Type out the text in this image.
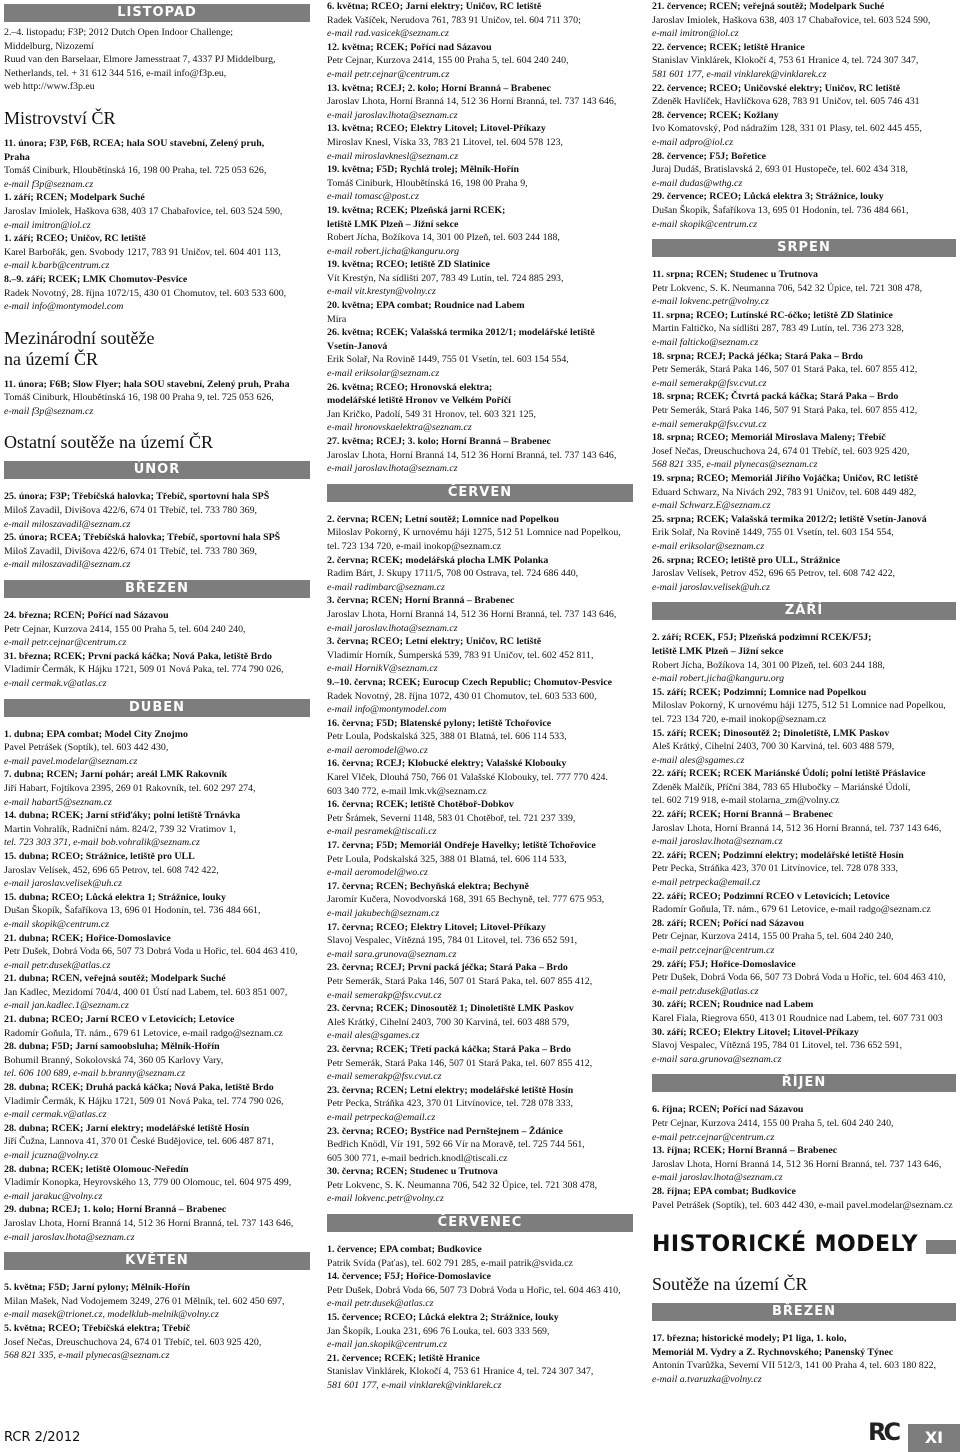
LISTOPAD
2.–4. listopadu; F3P; 2012 Dutch Open Indoor Challenge;
Middelburg, Nizozemí
Ruud van den Barselaar, Elmore Jamesstraat 7, 4337 PJ Middelburg,
Netherlands, tel. + 31 612 344 516, e-mail info@f3p.eu,
web http://www.f3p.eu
Mistrovství ČR
11. února; F3P, F6B, RCEA; hala SOU stavební, Zelený pruh,
Praha
Tomáš Ciniburk, Hloubětínská 16, 198 00 Praha, tel. 725 053 626,
e-mail f3p@seznam.cz
1. září; RCEN; Modelpark Suché
Jaroslav Imiolek, Haškova 638, 403 17 Chabařovice, tel. 603 524 590,
e-mail imitron@iol.cz
1. září; RCEO; Uničov, RC letiště
Karel Barbořák, gen. Svobody 1217, 783 91 Uničov, tel. 604 401 113,
e-mail k.barb@centrum.cz
8.–9. září; RCEK; LMK Chomutov-Pesvice
Radek Novotný, 28. října 1072/15, 430 01 Chomutov, tel. 603 533 600,
e-mail info@montymodel.com
Mezinárodní soutěže
na území ČR
11. února; F6B; Slow Flyer; hala SOU stavební, Zelený pruh, Praha
Tomáš Ciniburk, Hloubětínská 16, 198 00 Praha 9, tel. 725 053 626,
e-mail f3p@seznam.cz
Ostatní soutěže na území ČR
ÚNOR
25. února; F3P; Třebíčská halovka; Třebíč, sportovní hala SPŠ
Miloš Zavadil, Divišova 422/6, 674 01 Třebíč, tel. 733 780 369,
e-mail miloszavadil@seznam.cz
25. února; RCEA; Třebíčská halovka; Třebíč, sportovní hala SPŠ
Miloš Zavadil, Divišova 422/6, 674 01 Třebíč, tel. 733 780 369,
e-mail miloszavadil@seznam.cz
BŘEZEN
24. března; RCEN; Pořící nad Sázavou
Petr Cejnar, Kurzova 2414, 155 00 Praha 5, tel. 604 240 240,
e-mail petr.cejnar@centrum.cz
31. března; RCEK; První packá káčka; Nová Paka, letiště Brdo
Vladimír Čermák, K Hájku 1721, 509 01 Nová Paka, tel. 774 790 026,
e-mail cermak.v@atlas.cz
DUBEN
1. dubna; EPA combat; Model City Znojmo
Pavel Petrášek (Soptík), tel. 603 442 430,
e-mail pavel.modelar@seznam.cz
7. dubna; RCEN; Jarní pohár; areál LMK Rakovník
Jiří Habart, Fojtíkova 2395, 269 01 Rakovník, tel. 602 297 274,
e-mail habart5@seznam.cz
14. dubna; RCEK; Jarní střiďáky; polní letiště Trnávka
Martin Vohralík, Radniční nám. 824/2, 739 32 Vratimov 1,
tel. 723 303 371, e-mail bob.vohralik@seznam.cz
15. dubna; RCEO; Strážnice, letiště pro ULL
Jaroslav Velísek, 452, 696 65 Petrov, tel. 608 742 422,
e-mail jaroslav.velisek@uh.cz
15. dubna; RCEO; Lůcká elektra 1; Strážnice, louky
Dušan Škopík, Šafaříkova 13, 696 01 Hodonín, tel. 736 484 661,
e-mail skopik@centrum.cz
21. dubna; RCEK; Hořice-Domoslavice
Petr Dušek, Dobrá Voda 66, 507 73 Dobrá Voda u Hořic, tel. 604 463 410,
e-mail petr.dusek@atlas.cz
21. dubna; RCEN, veřejná soutěž; Modelpark Suché
Jan Kadlec, Mezidomí 704/4, 400 01 Ústí nad Labem, tel. 603 851 007,
e-mail jan.kadlec.1@seznam.cz
21. dubna; RCEO; Jarní RCEO v Letovicích; Letovice
Radomír Goňula, Tř. nám., 679 61 Letovice, e-mail radgo@seznam.cz
28. dubna; F5D; Jarní samoobsluha; Mělník-Hořín
Bohumil Branný, Sokolovská 74, 360 05 Karlovy Vary,
tel. 606 100 689, e-mail b.branny@seznam.cz
28. dubna; RCEK; Druhá packá káčka; Nová Paka, letiště Brdo
Vladimír Čermák, K Hájku 1721, 509 01 Nová Paka, tel. 774 790 026,
e-mail cermak.v@atlas.cz
28. dubna; RCEK; Jarní elektry; modelářské letiště Hosín
Jiří Čužna, Lannova 41, 370 01 České Budějovice, tel. 606 487 871,
e-mail jcuzna@volny.cz
28. dubna; RCEK; letiště Olomouc-Neředín
Vladimír Konopka, Heyrovského 13, 779 00 Olomouc, tel. 604 975 499,
e-mail jarakuc@volny.cz
29. dubna; RCEJ; 1. kolo; Horní Branná – Brabenec
Jaroslav Lhota, Horní Branná 14, 512 36 Horní Branná, tel. 737 143 646,
e-mail jaroslav.lhota@seznam.cz
KVĚTEN
5. května; F5D; Jarní pylony; Mělník-Hořín
Milan Mašek, Nad Vodojemem 3249, 276 01 Mělník, tel. 602 450 697,
e-mail masek@trionet.cz, modelklub-melnik@volny.cz
5. května; RCEO; Třebíčská elektra; Třebíč
Josef Nečas, Dreuschuchova 24, 674 01 Třebíč, tel. 603 925 420,
568 821 335, e-mail plynecas@seznam.cz
6. května; RCEO; Jarní elektry; Uničov, RC letiště
Radek Vašíček, Nerudova 761, 783 91 Uničov, tel. 604 711 370;
e-mail rad.vasicek@seznam.cz
12. května; RCEK; Pořící nad Sázavou
Petr Cejnar, Kurzova 2414, 155 00 Praha 5, tel. 604 240 240,
e-mail petr.cejnar@centrum.cz
13. května; RCEJ; 2. kolo; Horní Branná – Brabenec
Jaroslav Lhota, Horní Branná 14, 512 36 Horní Branná, tel. 737 143 646,
e-mail jaroslav.lhota@seznam.cz
13. května; RCEO; Elektry Litovel; Litovel-Příkazy
Miroslav Knesl, Víska 33, 783 21 Litovel, tel. 604 578 123,
e-mail miroslavknesl@seznam.cz
19. května; F5D; Rychlá trolej; Mělník-Hořín
Tomáš Ciniburk, Hloubětínská 16, 198 00 Praha 9,
e-mail tomasc@post.cz
19. května; RCEK; Plzeňská jarní RCEK;
letiště LMK Plzeň – Jižní sekce
Robert Jícha, Božíkova 14, 301 00 Plzeň, tel. 603 244 188,
e-mail robert.jicha@kanguru.org
19. května; RCEO; letiště ZD Slatinice
Vít Krestýn, Na sídlišti 207, 783 49 Lutín, tel. 724 885 293,
e-mail vit.krestyn@volny.cz
20. května; EPA combat; Roudnice nad Labem
Míra
26. května; RCEK; Valašská termika 2012/1; modelářské letiště
Vsetín-Janová
Erik Solař, Na Rovině 1449, 755 01 Vsetín, tel. 603 154 554,
e-mail eriksolar@seznam.cz
26. května; RCEO; Hronovská elektra;
modelářské letiště Hronov ve Velkém Poříčí
Jan Kričko, Padolí, 549 31 Hronov, tel. 603 321 125,
e-mail hronovskaelektra@seznam.cz
27. května; RCEJ; 3. kolo; Horní Branná – Brabenec
Jaroslav Lhota, Horní Branná 14, 512 36 Horní Branná, tel. 737 143 646,
e-mail jaroslav.lhota@seznam.cz
ČERVEN
2. června; RCEN; Letní soutěž; Lomnice nad Popelkou
Miloslav Pokorný, K urnovému háji 1275, 512 51 Lomnice nad Popelkou,
tel. 723 134 720, e-mail inokop@seznam.cz
2. června; RCEK; modelářská plocha LMK Polanka
Radim Bárt, J. Skupy 1711/5, 708 00 Ostrava, tel. 724 686 440,
e-mail radimbarc@seznam.cz
3. června; RCEN; Horní Branná – Brabenec
Jaroslav Lhota, Horní Branná 14, 512 36 Horní Branná, tel. 737 143 646,
e-mail jaroslav.lhota@seznam.cz
3. června; RCEO; Letní elektry; Uničov, RC letiště
Vladimír Horník, Šumperská 539, 783 91 Uničov, tel. 602 452 811,
e-mail HornikV@seznam.cz
9.–10. června; RCEK; Eurocup Czech Republic; Chomutov-Pesvice
Radek Novotný, 28. října 1072, 430 01 Chomutov, tel. 603 533 600,
e-mail info@montymodel.com
16. června; F5D; Blatenské pylony; letiště Tchořovice
Petr Loula, Podskalská 325, 388 01 Blatná, tel. 606 114 533,
e-mail aeromodel@wo.cz
16. června; RCEJ; Klobucké elektry; Valašské Klobouky
Karel Vlček, Dlouhá 750, 766 01 Valašské Klobouky, tel. 777 770 424.
603 340 772, e-mail lmk.vk@seznam.cz
16. června; RCEK; letiště Chotěboř-Dobkov
Petr Šrámek, Severní 1148, 583 01 Chotěboř, tel. 721 237 339,
e-mail pesramek@tiscali.cz
17. června; F5D; Memoriál Ondřeje Havelky; letiště Tchořovice
Petr Loula, Podskalská 325, 388 01 Blatná, tel. 606 114 533,
e-mail aeromodel@wo.cz
17. června; RCEN; Bechyňská elektra; Bechyně
Jaromír Kučera, Novodvorská 168, 391 65 Bechyně, tel. 777 675 953,
e-mail jakubech@seznam.cz
17. června; RCEO; Elektry Litovel; Litovel-Příkazy
Slavoj Vespalec, Vítězná 195, 784 01 Litovel, tel. 736 652 591,
e-mail sara.grunova@seznam.cz
23. června; RCEJ; První packá jéčka; Stará Paka – Brdo
Petr Semerák, Stará Paka 146, 507 01 Stará Paka, tel. 607 855 412,
e-mail semerakp@fsv.cvut.cz
23. června; RCEK; Dinosoutěž 1; Dinoletiště LMK Paskov
Aleš Krátký, Cihelní 2403, 700 30 Karviná, tel. 603 488 579,
e-mail ales@sgames.cz
23. června; RCEK; Třetí packá káčka; Stará Paka – Brdo
Petr Semerák, Stará Paka 146, 507 01 Stará Paka, tel. 607 855 412,
e-mail semerakp@fsv.cvut.cz
23. června; RCEN; Letní elektry; modelářské letiště Hosín
Petr Pecka, Stráňka 423, 370 01 Litvínovice, tel. 728 078 333,
e-mail petrpecka@email.cz
23. června; RCEO; Bystřice nad Pernštejnem – Ždánice
Bedřich Knödl, Vír 191, 592 66 Vír na Moravě, tel. 725 744 561,
605 300 771, e-mail bedrich.knodl@tiscali.cz
30. června; RCEN; Studenec u Trutnova
Petr Lokvenc, S. K. Neumanna 706, 542 32 Úpice, tel. 721 308 478,
e-mail lokvenc.petr@volny.cz
ČERVENEC
1. července; EPA combat; Budkovice
Patrik Svída (Paťas), tel. 602 791 285, e-mail patrik@svida.cz
14. července; F5J; Hořice-Domoslavice
Petr Dušek, Dobrá Voda 66, 507 73 Dobrá Voda u Hořic, tel. 604 463 410,
e-mail petr.dusek@atlas.cz
15. července; RCEO; Lůcká elektra 2; Strážnice, louky
Jan Škopík, Louka 231, 696 76 Louka, tel. 603 333 569,
e-mail jan.skopik@centrum.cz
21. července; RCEK; letiště Hranice
Stanislav Vinklárek, Klokočí 4, 753 61 Hranice 4, tel. 724 307 347,
581 601 177, e-mail vinklarek@vinklarek.cz
21. července; RCEN; veřejná soutěž; Modelpark Suché
Jaroslav Imiolek, Haškova 638, 403 17 Chabařovice, tel. 603 524 590,
e-mail imitron@iol.cz
22. července; RCEK; letiště Hranice
Stanislav Vinklárek, Klokočí 4, 753 61 Hranice 4, tel. 724 307 347,
581 601 177, e-mail vinklarek@vinklarek.cz
22. července; RCEO; Uničovské elektry; Uničov, RC letiště
Zdeněk Havlíček, Havlíčkova 628, 783 91 Uničov, tel. 605 746 431
28. července; RCEK; Kožlany
Ivo Komatovský, Pod nádražím 128, 331 01 Plasy, tel. 602 445 455,
e-mail adpro@iol.cz
28. července; F5J; Bořetice
Juraj Dudáš, Bratislavská 2, 693 01 Hustopeče, tel. 602 434 318,
e-mail dudas@wthg.cz
29. července; RCEO; Lůcká elektra 3; Strážnice, louky
Dušan Škopík, Šafaříkova 13, 695 01 Hodonín, tel. 736 484 661,
e-mail skopik@centrum.cz
SRPEN
11. srpna; RCEN; Studenec u Trutnova
Petr Lokvenc, S. K. Neumanna 706, 542 32 Úpice, tel. 721 308 478,
e-mail lokvenc.petr@volny.cz
11. srpna; RCEO; Lutínské RC-óčko; letiště ZD Slatinice
Martin Faltičko, Na sídlišti 287, 783 49 Lutín, tel. 736 273 328,
e-mail falticko@seznam.cz
18. srpna; RCEJ; Packá jéčka; Stará Paka – Brdo
Petr Semerák, Stará Paka 146, 507 01 Stará Paka, tel. 607 855 412,
e-mail semerakp@fsv.cvut.cz
18. srpna; RCEK; Čtvrtá packá káčka; Stará Paka – Brdo
Petr Semerák, Stará Paka 146, 507 91 Stará Paka, tel. 607 855 412,
e-mail semerakp@fsv.cvut.cz
18. srpna; RCEO; Memoriál Miroslava Maleny; Třebíč
Josef Nečas, Dreuschuchova 24, 674 01 Třebíč, tel. 603 925 420,
568 821 335, e-mail plynecas@seznam.cz
19. srpna; RCEO; Memoriál Jiřího Vojáčka; Uničov, RC letiště
Eduard Schwarz, Na Nivách 292, 783 91 Uničov, tel. 608 449 482,
e-mail Schwarz.E@seznam.cz
25. srpna; RCEK; Valašská termika 2012/2; letiště Vsetín-Janová
Erik Solař, Na Rovině 1449, 755 01 Vsetín, tel. 603 154 554,
e-mail eriksolar@seznam.cz
26. srpna; RCEO; letiště pro ULL, Strážnice
Jaroslav Velísek, Petrov 452, 696 65 Petrov, tel. 608 742 422,
e-mail jaroslav.velisek@uh.cz
ZÁŘÍ
2. září; RCEK, F5J; Plzeňská podzimní RCEK/F5J;
letiště LMK Plzeň – Jižní sekce
Robert Jícha, Božíkova 14, 301 00 Plzeň, tel. 603 244 188,
e-mail robert.jicha@kanguru.org
15. září; RCEK; Podzimní; Lomnice nad Popelkou
Miloslav Pokorný, K urnovému háji 1275, 512 51 Lomnice nad Popelkou,
tel. 723 134 720, e-mail inokop@seznam.cz
15. září; RCEK; Dinosoutěž 2; Dinoletiště, LMK Paskov
Aleš Krátký, Cihelní 2403, 700 30 Karviná, tel. 603 488 579,
e-mail ales@sgames.cz
22. září; RCEK; RCEK Mariánské Údolí; polní letiště Přáslavice
Zdeněk Malčík, Příční 384, 783 65 Hlubočky – Mariánské Údolí,
tel. 602 719 918, e-mail stolarna_zm@volny.cz
22. září; RCEK; Horní Branná – Brabenec
Jaroslav Lhota, Horní Branná 14, 512 36 Horní Branná, tel. 737 143 646,
e-mail jaroslav.lhota@seznam.cz
22. září; RCEN; Podzimní elektry; modelářské letiště Hosín
Petr Pecka, Stráňka 423, 370 01 Litvínovice, tel. 728 078 333,
e-mail petrpecka@email.cz
22. září; RCEO; Podzimní RCEO v Letovicích; Letovice
Radomír Goňula, Tř. nám., 679 61 Letovice, e-mail radgo@seznam.cz
28. září; RCEN; Pořící nad Sázavou
Petr Cejnar, Kurzova 2414, 155 00 Praha 5, tel. 604 240 240,
e-mail petr.cejnar@centrum.cz
29. září; F5J; Hořice-Domoslavice
Petr Dušek, Dobrá Voda 66, 507 73 Dobrá Voda u Hořic, tel. 604 463 410,
e-mail petr.dusek@atlas.cz
30. září; RCEN; Roudnice nad Labem
Karel Fiala, Riegrova 650, 413 01 Roudnice nad Labem, tel. 607 731 003
30. září; RCEO; Elektry Litovel; Litovel-Příkazy
Slavoj Vespalec, Vítězná 195, 784 01 Litovel, tel. 736 652 591,
e-mail sara.grunova@seznam.cz
ŘÍJEN
6. října; RCEN; Pořící nad Sázavou
Petr Cejnar, Kurzova 2414, 155 00 Praha 5, tel. 604 240 240,
e-mail petr.cejnar@centrum.cz
13. října; RCEK; Horní Branná – Brabenec
Jaroslav Lhota, Horní Branná 14, 512 36 Horní Branná, tel. 737 143 646,
e-mail jaroslav.lhota@seznam.cz
28. října; EPA combat; Budkovice
Pavel Petrášek (Soptík), tel. 603 442 430, e-mail pavel.modelar@seznam.cz
HISTORICKÉ MODELY
Soutěže na území ČR
BŘEZEN
17. března; historické modely; P1 liga, 1. kolo,
Memoriál M. Vydry a Z. Rychnovského; Panenský Týnec
Antonín Tvarůžka, Severní VII 512/3, 141 00 Praha 4, tel. 603 180 822,
e-mail a.tvaruzka@volny.cz
RCR 2/2012	RC	XI
